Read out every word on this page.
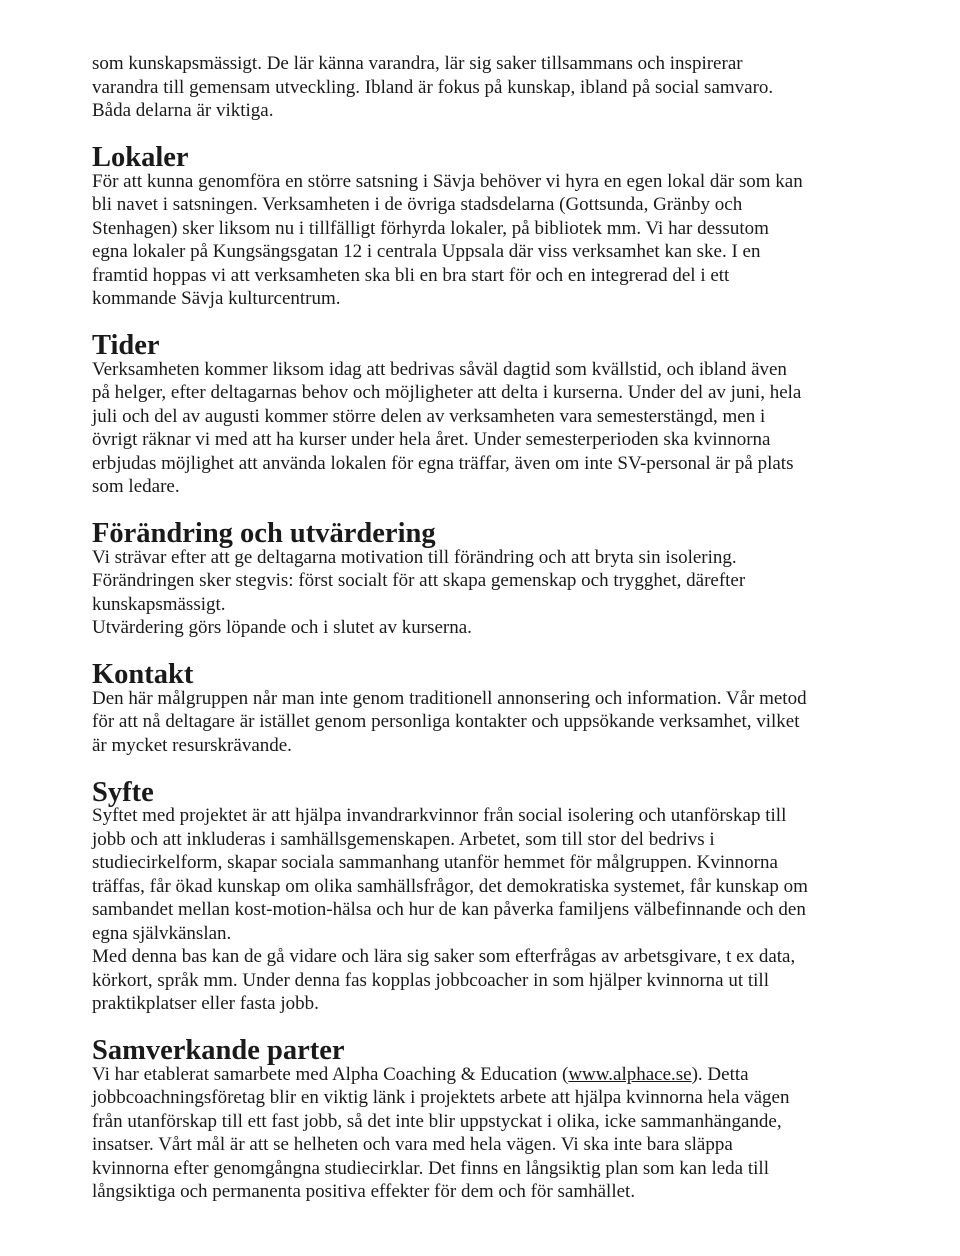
som kunskapsmässigt. De lär känna varandra, lär sig saker tillsammans och inspirerar
varandra till gemensam utveckling. Ibland är fokus på kunskap, ibland på social samvaro.
Båda delarna är viktiga.

Lokaler

För att kunna genomföra en större satsning i Sävja behöver vi hyra en egen lokal där som kan
bli navet i satsningen. Verksamheten i de övriga stadsdelarna (Gottsunda, Gränby och
Stenhagen) sker liksom nu i tillfälligt förhyrda lokaler, på bibliotek mm. Vi har dessutom
egna lokaler på Kungsängsgatan 12 i centrala Uppsala där viss verksamhet kan ske. I en
framtid hoppas vi att verksamheten ska bli en bra start för och en integrerad del i ett
kommande Sävja kulturcentrum.

Tider

Verksamheten kommer liksom idag att bedrivas såväl dagtid som kvällstid, och ibland även
på helger, efter deltagarnas behov och möjligheter att delta i kurserna. Under del av juni, hela
juli och del av augusti kommer större delen av verksamheten vara semesterstängd, men i
övrigt räknar vi med att ha kurser under hela året. Under semesterperioden ska kvinnorna
erbjudas möjlighet att använda lokalen för egna träffar, även om inte SV-personal är på plats
som ledare.

Förändring och utvärdering

Vi strävar efter att ge deltagarna motivation till förändring och att bryta sin isolering.
Förändringen sker stegvis: först socialt för att skapa gemenskap och trygghet, därefter
kunskapsmässigt.
Utvärdering görs löpande och i slutet av kurserna.

Kontakt

Den här målgruppen når man inte genom traditionell annonsering och information. Vår metod
för att nå deltagare är istället genom personliga kontakter och uppsökande verksamhet, vilket
är mycket resurskrävande.

Syfte

Syftet med projektet är att hjälpa invandrarkvinnor från social isolering och utanförskap till
jobb och att inkluderas i samhällsgemenskapen. Arbetet, som till stor del bedrivs i
studiecirkelform, skapar sociala sammanhang utanför hemmet för målgruppen. Kvinnorna
träffas, får ökad kunskap om olika samhällsfrågor, det demokratiska systemet, får kunskap om
sambandet mellan kost-motion-hälsa och hur de kan påverka familjens välbefinnande och den
egna självkänslan.
Med denna bas kan de gå vidare och lära sig saker som efterfrågas av arbetsgivare, t ex data,
körkort, språk mm. Under denna fas kopplas jobbcoacher in som hjälper kvinnorna ut till
praktikplatser eller fasta jobb.

Samverkande parter

Vi har etablerat samarbete med Alpha Coaching & Education (www.alphace.se). Detta
jobbcoachningsföretag blir en viktig länk i projektets arbete att hjälpa kvinnorna hela vägen
från utanförskap till ett fast jobb, så det inte blir uppstyckat i olika, icke sammanhängande,
insatser. Vårt mål är att se helheten och vara med hela vägen. Vi ska inte bara släppa
kvinnorna efter genomgångna studiecirklar. Det finns en långsiktig plan som kan leda till
långsiktiga och permanenta positiva effekter för dem och för samhället.
